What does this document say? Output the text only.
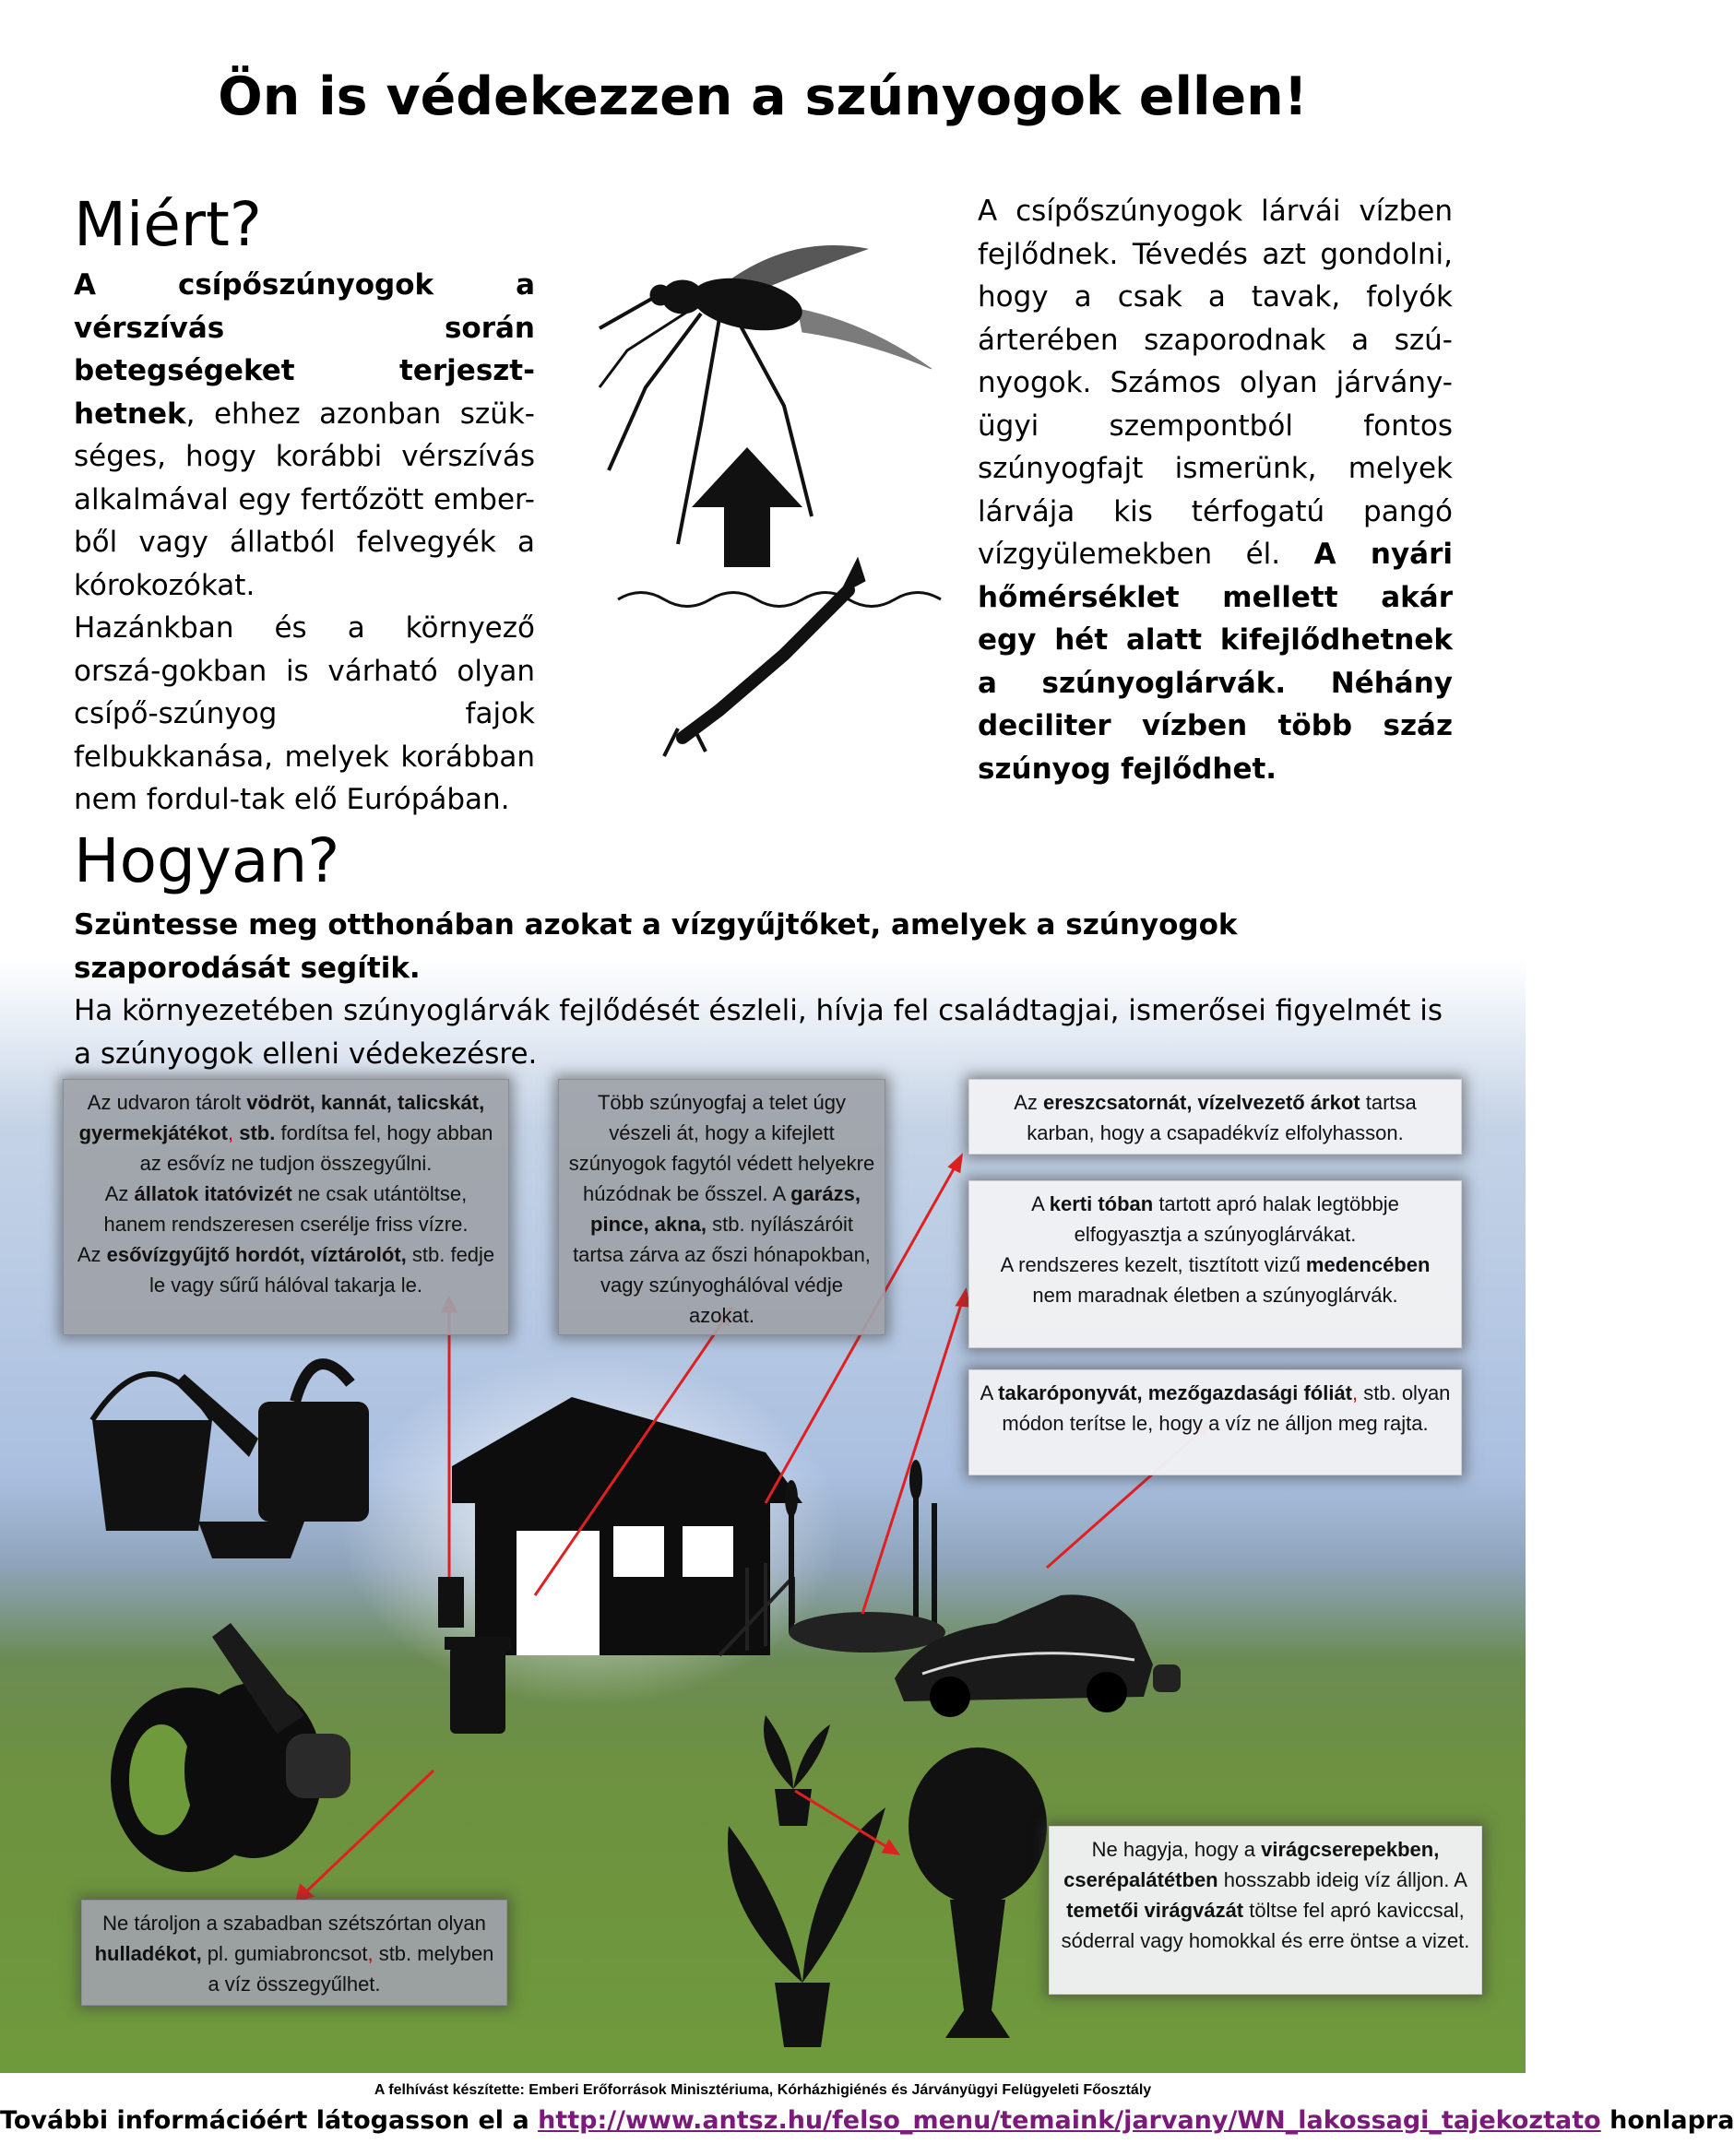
Ön is védekezzen a szúnyogok ellen!
Miért?

A csípőszúnyogok a vérszívás során betegségeket terjeszt-hetnek, ehhez azonban szük-séges, hogy korábbi vérszívás alkalmával egy fertőzött ember-ből vagy állatból felvegyék a kórokozókat.

Hazánkban és a környező orszá-gokban is várható olyan csípő-szúnyog fajok felbukkanása, melyek korábban nem fordul-tak elő Európában.

A csípőszúnyogok lárvái vízben fejlődnek. Tévedés azt gondolni, hogy a csak a tavak, folyók árterében szaporodnak a szú-nyogok. Számos olyan járvány-ügyi szempontból fontos szúnyogfajt ismerünk, melyek lárvája kis térfogatú pangó vízgyülemekben él. A nyári hőmérséklet mellett akár egy hét alatt kifejlődhetnek a szúnyoglárvák. Néhány deciliter vízben több száz szúnyog fejlődhet.

Hogyan?

Szüntesse meg otthonában azokat a vízgyűjtőket, amelyek a szúnyogok szaporodását segítik.
Ha környezetében szúnyoglárvák fejlődését észleli, hívja fel családtagjai, ismerősei figyelmét is a szúnyogok elleni védekezésre.

Az udvaron tárolt vödröt, kannát, talicskát, gyermekjátékot, stb. fordítsa fel, hogy abban az esővíz ne tudjon összegyűlni.
Az állatok itatóvizét ne csak utántöltse, hanem rendszeresen cserélje friss vízre.
Az esővízgyűjtő hordót, víztárolót, stb. fedje le vagy sűrű hálóval takarja le.
Több szúnyogfaj a telet úgy vészeli át, hogy a kifejlett szúnyogok fagytól védett helyekre húzódnak be ősszel. A garázs, pince, akna, stb. nyílászáróit tartsa zárva az őszi hónapokban, vagy szúnyoghálóval védje azokat.
Az ereszcsatornát, vízelvezető árkot tartsa karban, hogy a csapadékvíz elfolyhasson.
A kerti tóban tartott apró halak legtöbbje elfogyasztja a szúnyoglárvákat.
A rendszeres kezelt, tisztított vizű medencében nem maradnak életben a szúnyoglárvák.
A takaróponyvát, mezőgazdasági fóliát, stb. olyan módon terítse le, hogy a víz ne álljon meg rajta.
Ne tároljon a szabadban szétszórtan olyan hulladékot, pl. gumiabroncsot, stb. melyben a víz összegyűlhet.
Ne hagyja, hogy a virágcserepekben, cserépalátétben hosszabb ideig víz álljon. A temetői virágvázát töltse fel apró kaviccsal, sóderral vagy homokkal és erre öntse a vizet.
A felhívást készítette: Emberi Erőforrások Minisztériuma, Kórházhigiénés és Járványügyi Felügyeleti Főosztály
További információért látogasson el a http://www.antsz.hu/felso_menu/temaink/jarvany/WN_lakossagi_tajekoztato honlapra
